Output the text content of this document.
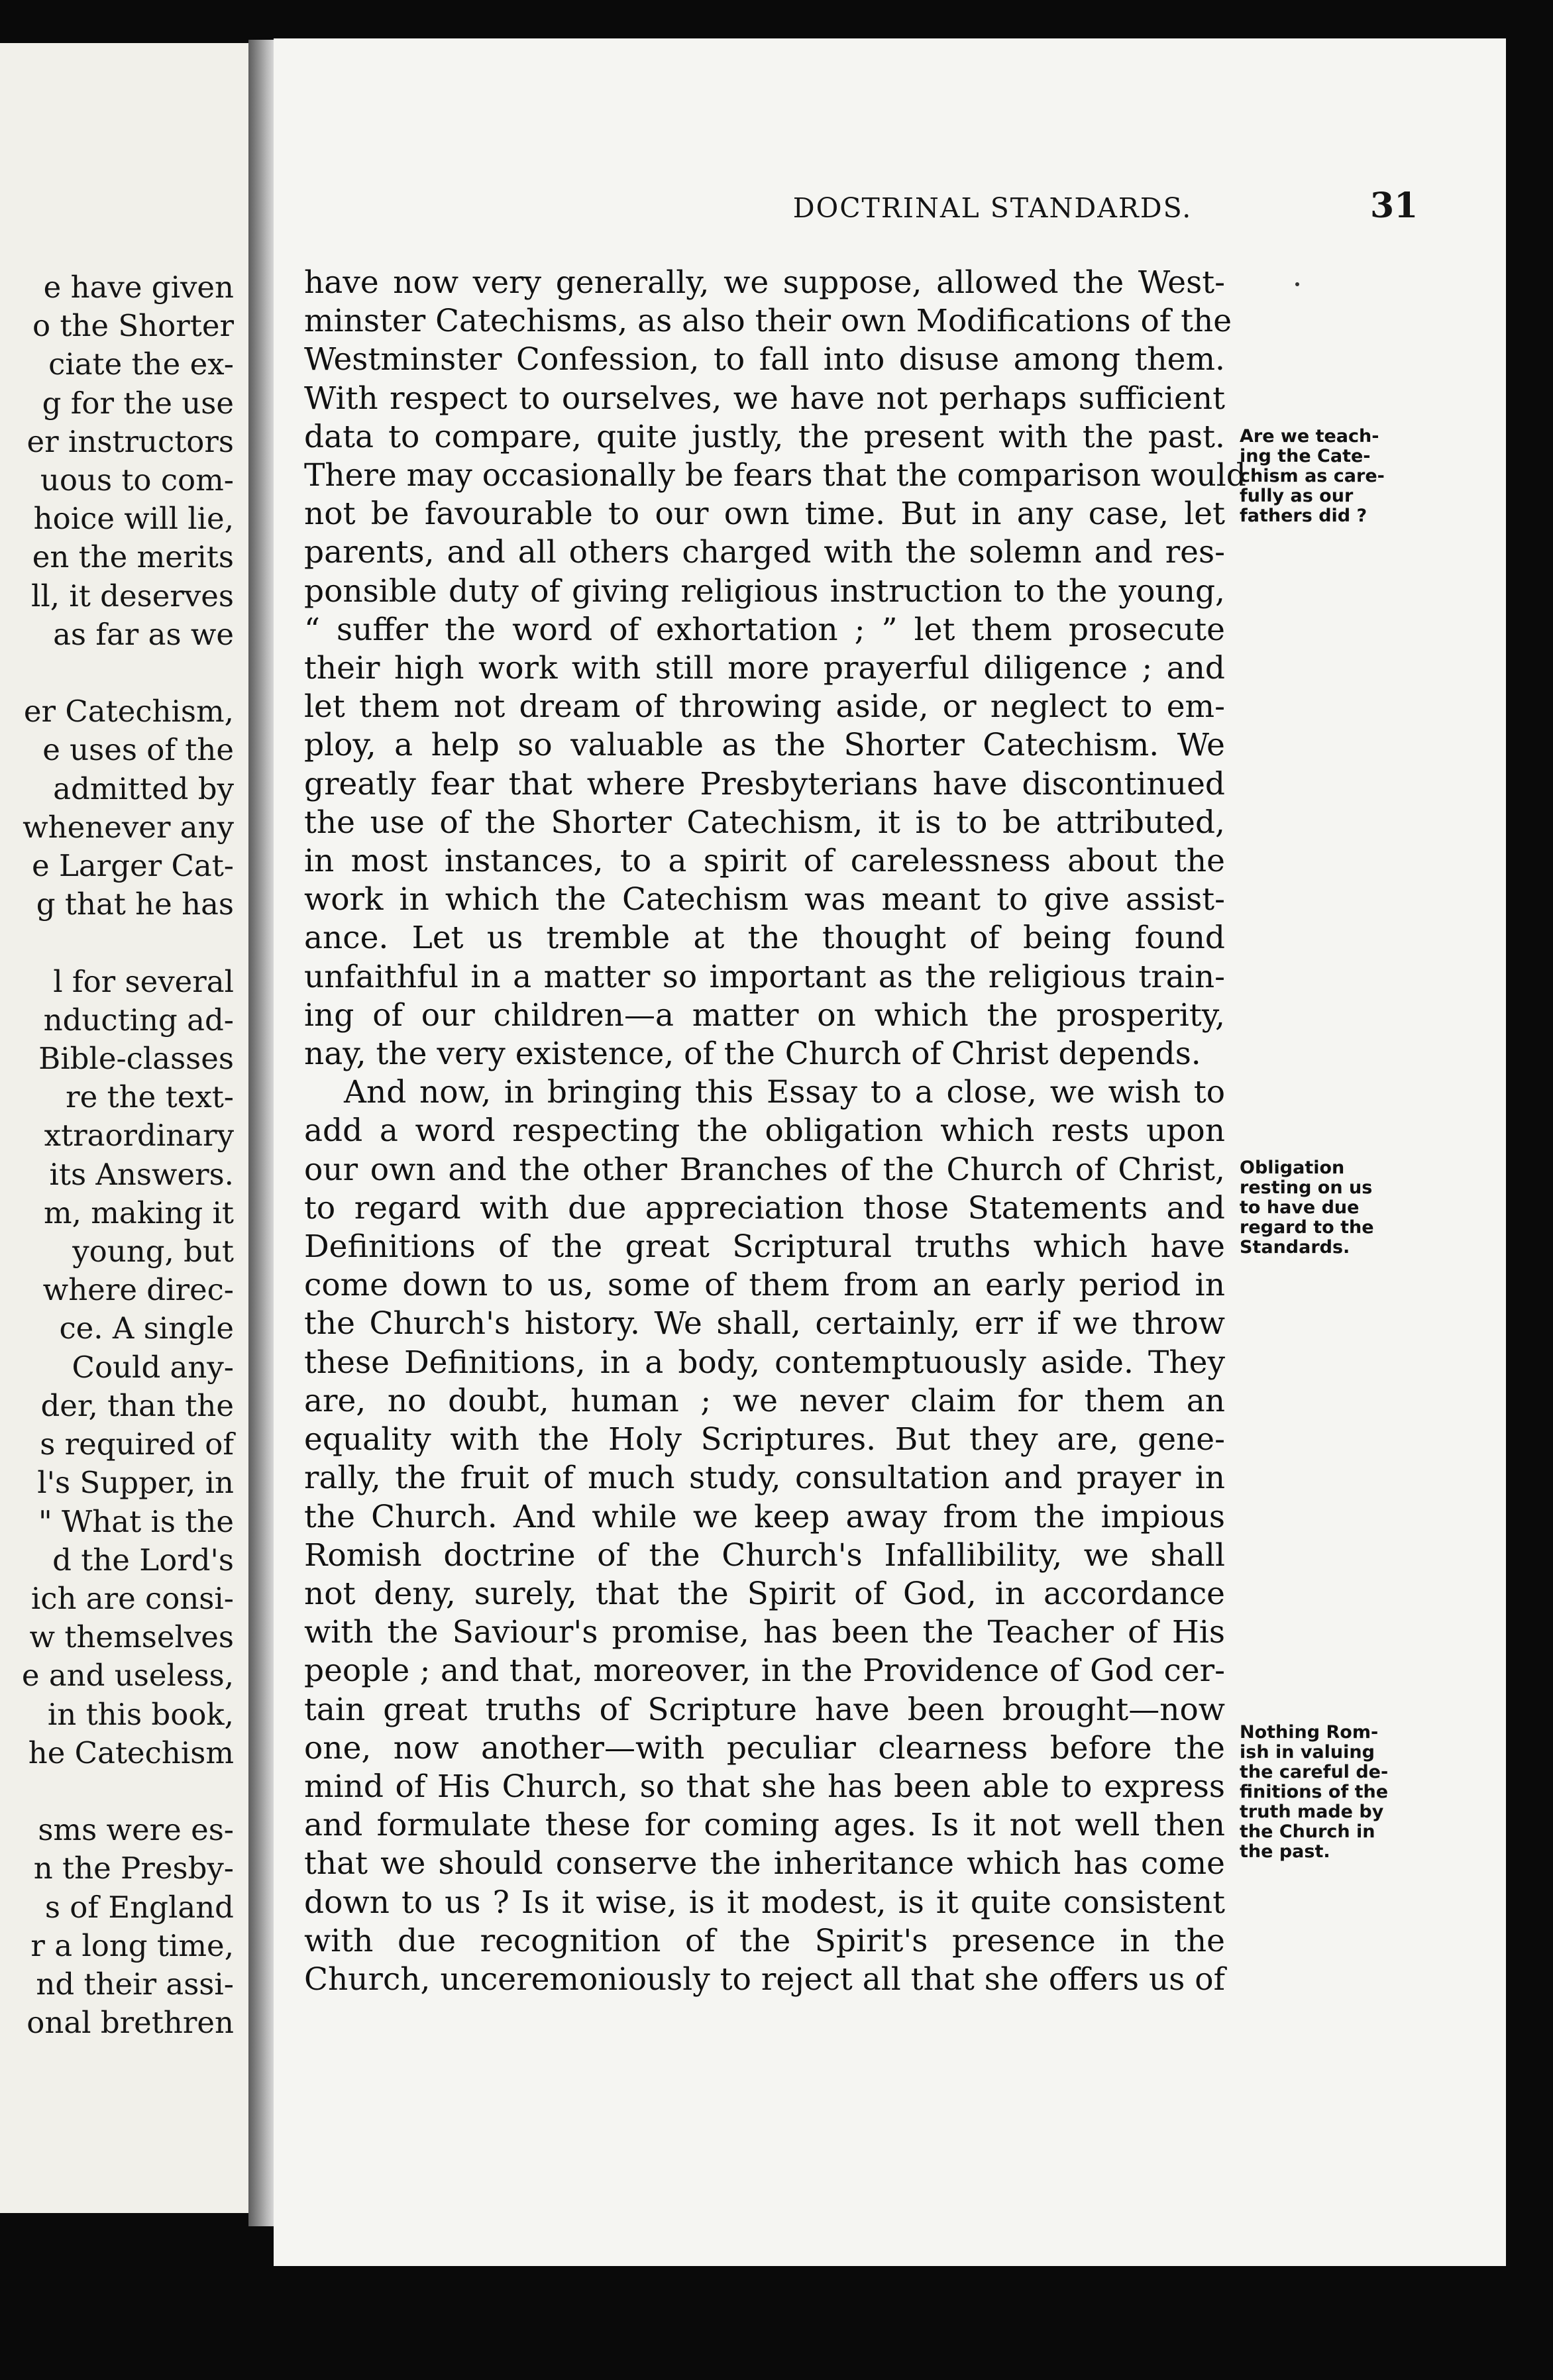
e have given
o the Shorter
ciate the ex-
g for the use
er instructors
uous to com-
hoice will lie,
en the merits
ll, it deserves
as far as we

er Catechism,
e uses of the
admitted by
whenever any
e Larger Cat-
g that he has

l for several
nducting ad-
Bible-classes
re the text-
xtraordinary
its Answers.
m, making it
young, but
where direc-
ce. A single
Could any-
der, than the
s required of
l's Supper, in
" What is the
d the Lord's
ich are consi-
w themselves
e and useless,
in this book,
he Catechism

sms were es-
n the Presby-
s of England
r a long time,
nd their assi-
onal brethren
DOCTRINAL STANDARDS.	31
have now very generally, we suppose, allowed the West-
minster Catechisms, as also their own Modifications of the
Westminster Confession, to fall into disuse among them.
With respect to ourselves, we have not perhaps sufficient
data to compare, quite justly, the present with the past.
There may occasionally be fears that the comparison would
not be favourable to our own time. But in any case, let
parents, and all others charged with the solemn and res-
ponsible duty of giving religious instruction to the young,
“ suffer the word of exhortation ; ” let them prosecute
their high work with still more prayerful diligence ; and
let them not dream of throwing aside, or neglect to em-
ploy, a help so valuable as the Shorter Catechism. We
greatly fear that where Presbyterians have discontinued
the use of the Shorter Catechism, it is to be attributed,
in most instances, to a spirit of carelessness about the
work in which the Catechism was meant to give assist-
ance. Let us tremble at the thought of being found
unfaithful in a matter so important as the religious train-
ing of our children—a matter on which the prosperity,
nay, the very existence, of the Church of Christ depends.
And now, in bringing this Essay to a close, we wish to
add a word respecting the obligation which rests upon
our own and the other Branches of the Church of Christ,
to regard with due appreciation those Statements and
Definitions of the great Scriptural truths which have
come down to us, some of them from an early period in
the Church's history. We shall, certainly, err if we throw
these Definitions, in a body, contemptuously aside. They
are, no doubt, human ; we never claim for them an
equality with the Holy Scriptures. But they are, gene-
rally, the fruit of much study, consultation and prayer in
the Church. And while we keep away from the impious
Romish doctrine of the Church's Infallibility, we shall
not deny, surely, that the Spirit of God, in accordance
with the Saviour's promise, has been the Teacher of His
people ; and that, moreover, in the Providence of God cer-
tain great truths of Scripture have been brought—now
one, now another—with peculiar clearness before the
mind of His Church, so that she has been able to express
and formulate these for coming ages. Is it not well then
that we should conserve the inheritance which has come
down to us ? Is it wise, is it modest, is it quite consistent
with due recognition of the Spirit's presence in the
Church, unceremoniously to reject all that she offers us of
Are we teach-
ing the Cate-
chism as care-
fully as our
fathers did ?
Obligation
resting on us
to have due
regard to the
Standards.
Nothing Rom-
ish in valuing
the careful de-
finitions of the
truth made by
the Church in
the past.
